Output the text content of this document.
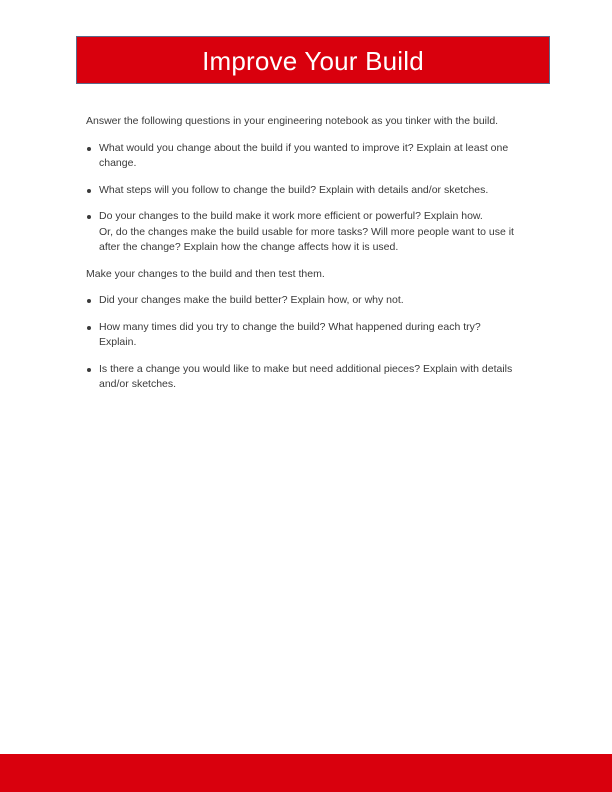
Improve Your Build

Answer the following questions in your engineering notebook as you tinker with the build.

What would you change about the build if you wanted to improve it? Explain at least one
change.
What steps will you follow to change the build? Explain with details and/or sketches.
Do your changes to the build make it work more efficient or powerful? Explain how.
Or, do the changes make the build usable for more tasks? Will more people want to use it
after the change? Explain how the change affects how it is used.

Make your changes to the build and then test them.

Did your changes make the build better? Explain how, or why not.
How many times did you try to change the build? What happened during each try?
Explain.
Is there a change you would like to make but need additional pieces? Explain with details
and/or sketches.
